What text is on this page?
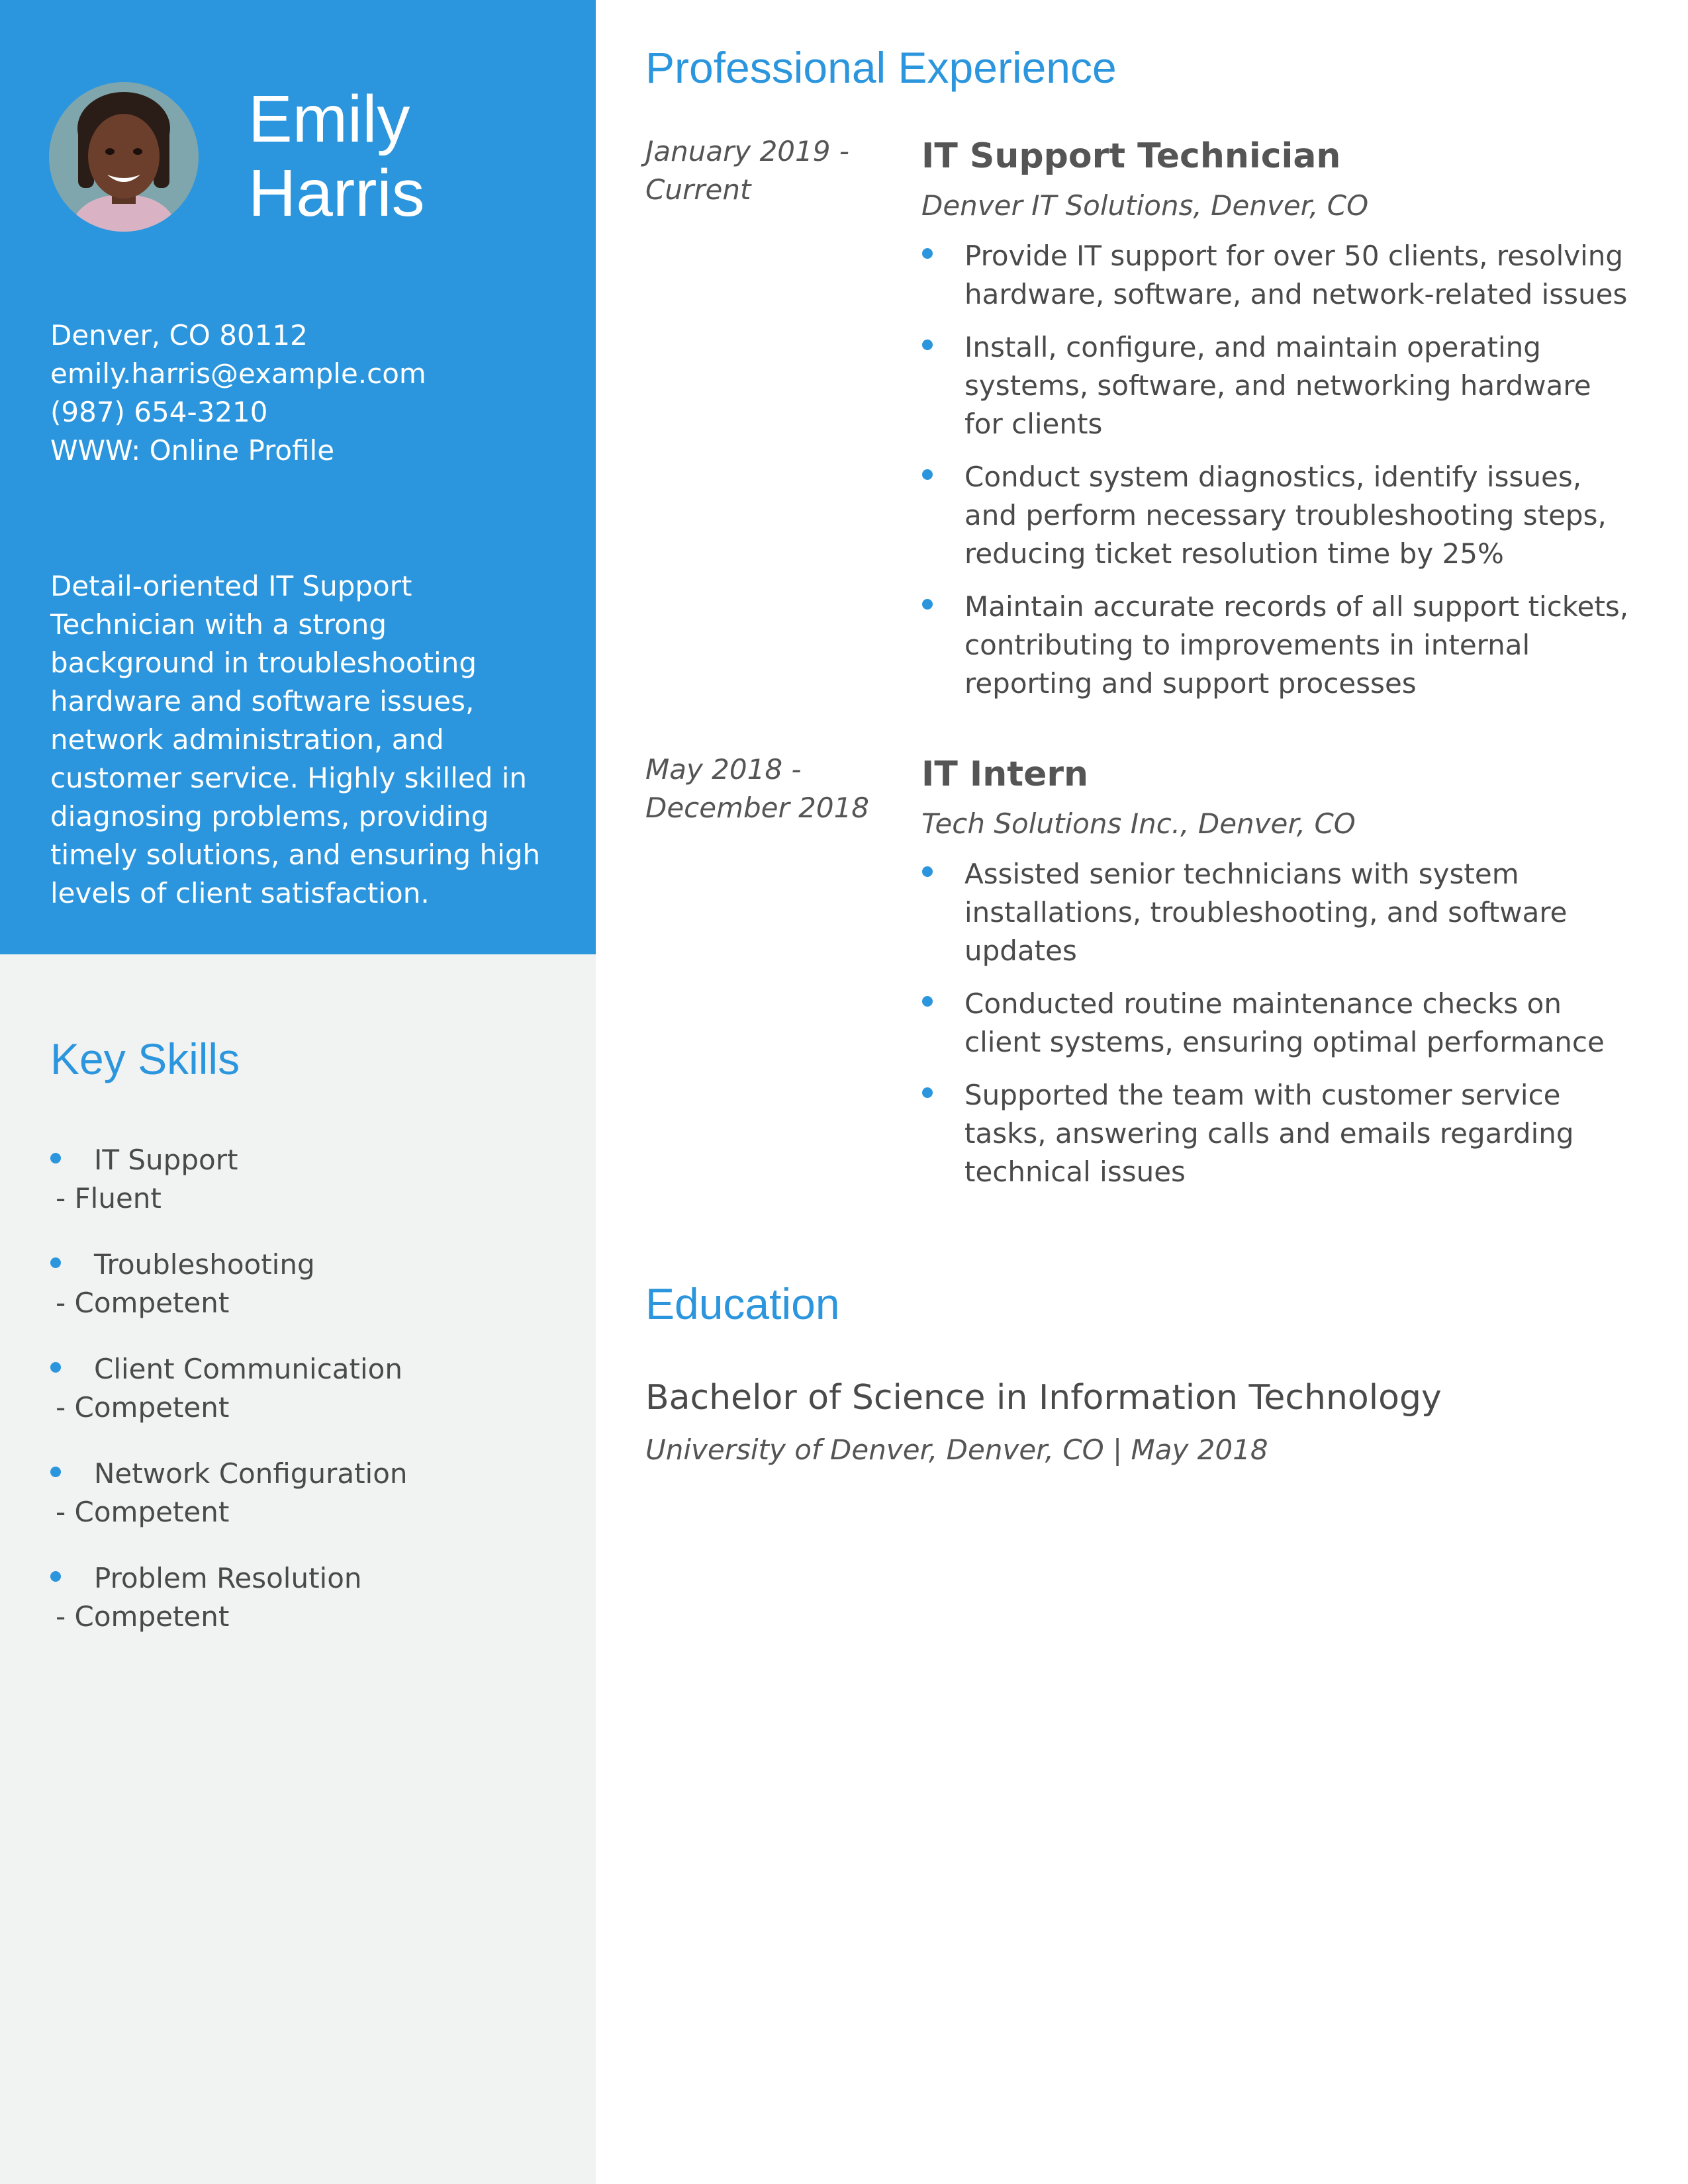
Emily
Harris
Denver, CO 80112
emily.harris@example.com
(987) 654-3210
WWW: Online Profile
Detail-oriented IT Support Technician with a strong background in troubleshooting hardware and software issues, network administration, and customer service. Highly skilled in diagnosing problems, providing timely solutions, and ensuring high levels of client satisfaction.
Key Skills
IT Support
- Fluent
Troubleshooting
- Competent
Client Communication
- Competent
Network Configuration
- Competent
Problem Resolution
- Competent
Professional Experience
January 2019 - Current
IT Support Technician
Denver IT Solutions, Denver, CO
Provide IT support for over 50 clients, resolving hardware, software, and network-related issues
Install, configure, and maintain operating systems, software, and networking hardware for clients
Conduct system diagnostics, identify issues, and perform necessary troubleshooting steps, reducing ticket resolution time by 25%
Maintain accurate records of all support tickets, contributing to improvements in internal reporting and support processes
May 2018 - December 2018
IT Intern
Tech Solutions Inc., Denver, CO
Assisted senior technicians with system installations, troubleshooting, and software updates
Conducted routine maintenance checks on client systems, ensuring optimal performance
Supported the team with customer service tasks, answering calls and emails regarding technical issues
Education
Bachelor of Science in Information Technology
University of Denver, Denver, CO | May 2018
